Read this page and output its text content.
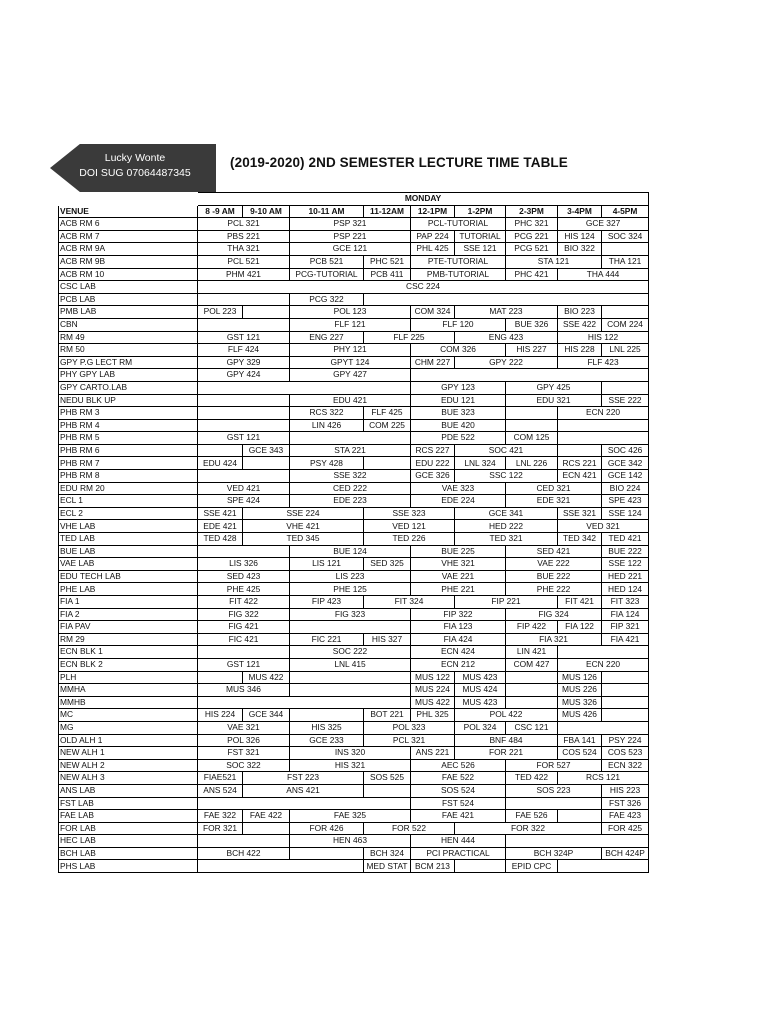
Lucky Wonte
DOI SUG 07064487345
(2019-2020) 2ND SEMESTER LECTURE TIME TABLE
	MONDAY								
VENUE	8 -9 AM	9-10 AM	10-11 AM	11-12AM	12-1PM	1-2PM	2-3PM	3-4PM	4-5PM
ACB RM 6	PCL 321		PSP 321		PCL-TUTORIAL		PHC 321	GCE 327	
ACB RM 7	PBS 221		PSP 221		PAP 224	TUTORIAL	PCG 221	HIS 124	SOC 324
ACB RM 9A	THA 321		GCE 121		PHL 425	SSE 121	PCG 521	BIO 322	
ACB RM 9B	PCL 521		PCB 521	PHC 521	PTE-TUTORIAL		STA 121		THA 121
ACB RM 10	PHM 421		PCG-TUTORIAL	PCB 411	PMB-TUTORIAL		PHC 421	THA 444	
CSC LAB	CSC 224								
PCB LAB			PCG 322						
PMB LAB	POL 223		POL 123		COM 324	MAT 223		BIO 223	
CBN			FLF 121		FLF 120		BUE 326	SSE 422	COM 224
RM 49	GST 121		ENG 227	FLF 225		ENG 423		HIS 122	
RM 50	FLF 424		PHY 121		COM 326		HIS 227	HIS 228	LNL 225
GPY P.G LECT RM	GPY 329		GPYT 124		CHM 227	GPY 222		FLF 423	
PHY GPY LAB	GPY 424		GPY 427						
GPY CARTO.LAB					GPY 123		GPY 425		
NEDU BLK UP			EDU 421		EDU 121		EDU 321		SSE 222
PHB RM 3			RCS 322	FLF 425	BUE 323			ECN 220	
PHB RM 4			LIN 426	COM 225	BUE 420				
PHB RM 5	GST 121				PDE 522		COM 125		
PHB RM 6		GCE 343	STA 221		RCS 227	SOC 421			SOC 426
PHB RM 7	EDU 424		PSY 428		EDU 222	LNL 324	LNL 226	RCS 221	GCE 342
PHB RM 8			SSE 322		GCE 326	SSC 122		ECN 421	GCE 142
EDU RM 20	VED 421		CED 222		VAE 323		CED 321		BIO 224
ECL 1	SPE 424		EDE 223		EDE 224		EDE 321		SPE 423
ECL 2	SSE 421	SSE 224		SSE 323		GCE 341		SSE 321	SSE 124
VHE LAB	EDE 421	VHE 421		VED 121		HED 222		VED 321	
TED LAB	TED 428	TED 345		TED 226		TED 321		TED 342	TED 421
BUE LAB			BUE 124		BUE 225		SED 421		BUE 222
VAE LAB	LIS 326		LIS 121	SED 325	VHE 321		VAE 222		SSE 122
EDU TECH LAB	SED 423		LIS 223		VAE 221		BUE 222		HED 221
PHE LAB	PHE 425		PHE 125		PHE 221		PHE 222		HED 124
FIA 1	FIT 422		FIP 423	FIT 324		FIP 221		FIT 421	FIT 323
FIA 2	FIG 322		FIG 323		FIP 322		FIG 324		FIA 124
FIA PAV	FIG 421				FIA 123		FIP 422	FIA 122	FIP 321
RM 29	FIC 421		FIC 221	HIS 327	FIA 424		FIA 321		FIA 421
ECN BLK 1			SOC 222		ECN 424		LIN 421		
ECN BLK 2	GST 121		LNL 415		ECN 212		COM 427	ECN 220	
PLH		MUS 422			MUS 122	MUS 423		MUS 126	
MMHA	MUS 346				MUS 224	MUS 424		MUS 226	
MMHB					MUS 422	MUS 423		MUS 326	
MC	HIS 224	GCE 344		BOT 221	PHL 325	POL 422		MUS 426	
MG	VAE 321		HIS 325	POL 323		POL 324	CSC 121		
OLD ALH 1	POL 326		GCE 233	PCL 321		BNF 484		FBA 141	PSY 224
NEW ALH 1	FST 321		INS 320		ANS 221	FOR 221		COS 524	COS 523
NEW ALH 2	SOC 322		HIS 321		AEC 526		FOR 527		ECN 322
NEW ALH 3	FIAE521	FST 223		SOS 525	FAE 522		TED 422	RCS 121	
ANS LAB	ANS 524	ANS 421			SOS 524		SOS 223		HIS 223
FST LAB					FST 524				FST 326
FAE LAB	FAE 322	FAE 422	FAE 325		FAE 421		FAE 526		FAE 423
FOR LAB	FOR 321		FOR 426	FOR 522		FOR 322			FOR 425
HEC LAB			HEN 463		HEN 444				
BCH LAB	BCH 422			BCH 324	PCI PRACTICAL		BCH 324P		BCH 424P
PHS LAB				MED STAT	BCM 213		EPID CPC		
